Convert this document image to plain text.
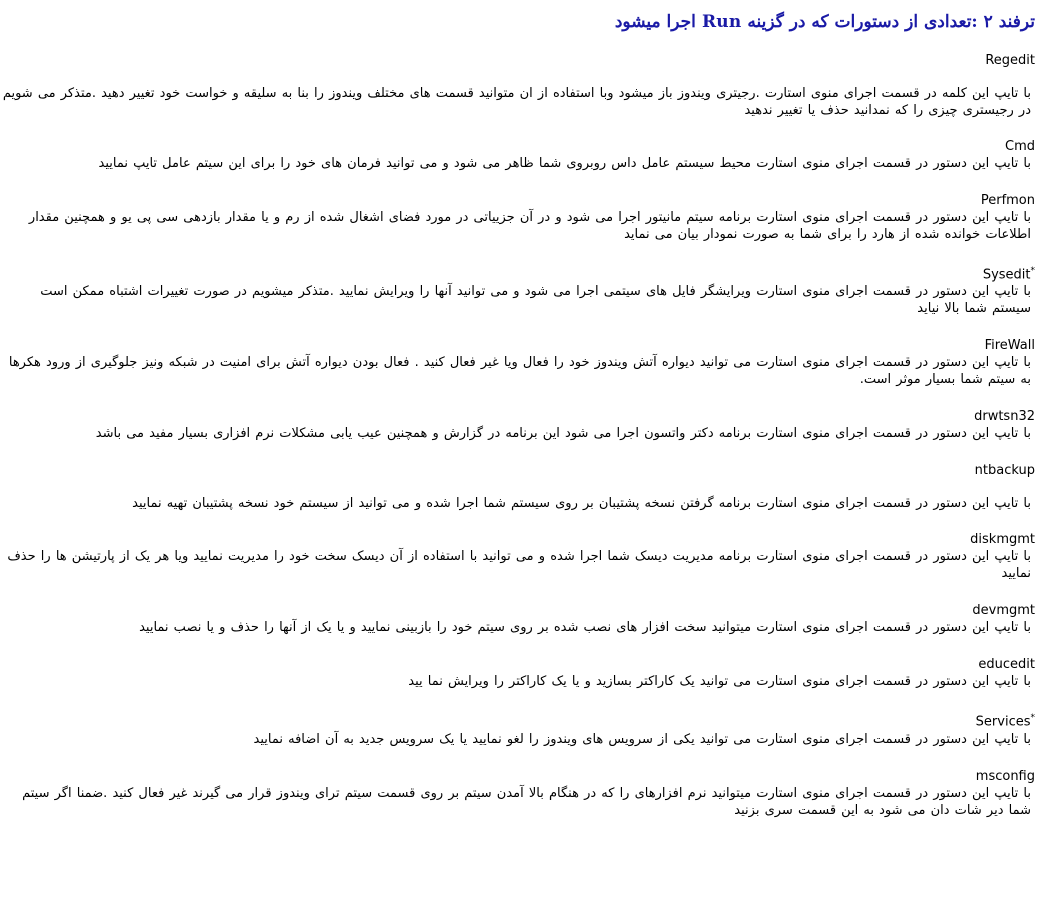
ترفند ۲ :تعدادی از دستورات که در گزینه Run اجرا میشود
Regedit
با تایپ این کلمه در قسمت اجرای منوی استارت .رجیتری ویندوز باز میشود وبا استفاده از ان متوانید قسمت های مختلف ویندوز را بنا به سلیقه و خواست خود تغییر دهید .متذکر می شویم در رجیستری چیزی را که نمدانید حذف یا تغییر ندهید
Cmd
با تایپ این دستور در قسمت اجرای منوی استارت محیط سیستم عامل داس روبروی شما ظاهر می شود و می توانید فرمان های خود را برای این سیتم عامل تایپ نمایید
Perfmon
با تایپ این دستور در قسمت اجرای منوی استارت برنامه سیتم مانیتور اجرا می شود و در آن جزییاتی در مورد فضای اشغال شده از رم و یا مقدار بازدهی سی پی یو و همچنین مقدار اطلاعات خوانده شده از هارد را برای شما به صورت نمودار بیان می نماید
Sysedit*
با تایپ این دستور در قسمت اجرای منوی استارت ویرایشگر فایل های سیتمی اجرا می شود و می توانید آنها را ویرایش نمایید .متذکر میشویم در صورت تغییرات اشتباه ممکن است سیستم شما بالا نیاید
FireWall
با تایپ این دستور در قسمت اجرای منوی استارت می توانید دیواره آتش ویندوز خود را فعال ویا غیر فعال کنید . فعال بودن دیواره آتش برای امنیت در شبکه ونیز جلوگیری از ورود هکرها به سیتم شما بسیار موثر است.
drwtsn32
با تایپ این دستور در قسمت اجرای منوی استارت برنامه دکتر واتسون اجرا می شود این برنامه در گزارش و همچنین عیب یابی مشکلات نرم افزاری بسیار مفید می باشد
ntbackup
با تایپ این دستور در قسمت اجرای منوی استارت برنامه گرفتن نسخه پشتیبان بر روی سیستم شما اجرا شده و می توانید از سیستم خود نسخه پشتیبان تهیه نمایید
diskmgmt
با تایپ این دستور در قسمت اجرای منوی استارت برنامه مدیریت دیسک شما اجرا شده و می توانید با استفاده از آن دیسک سخت خود را مدیریت نمایید ویا هر یک از پارتیشن ها را حذف نمایید
devmgmt
با تایپ این دستور در قسمت اجرای منوی استارت میتوانید سخت افزار های نصب شده بر روی سیتم خود را بازبینی نمایید و یا یک از آنها را حذف و یا نصب نمایید
educedit
با تایپ این دستور در قسمت اجرای منوی استارت می توانید یک کاراکتر بسازید و یا یک کاراکتر را ویرایش نما یید
Services*
با تایپ این دستور در قسمت اجرای منوی استارت می توانید یکی از سرویس های ویندوز را لغو نمایید یا یک سرویس جدید به آن اضافه نمایید
msconfig
با تایپ این دستور در قسمت اجرای منوی استارت میتوانید نرم افزارهای را که در هنگام بالا آمدن سیتم بر روی قسمت سیتم ترای ویندوز قرار می گیرند غیر فعال کنید .ضمنا اگر سیتم شما دیر شات دان می شود به این قسمت سری بزنید
